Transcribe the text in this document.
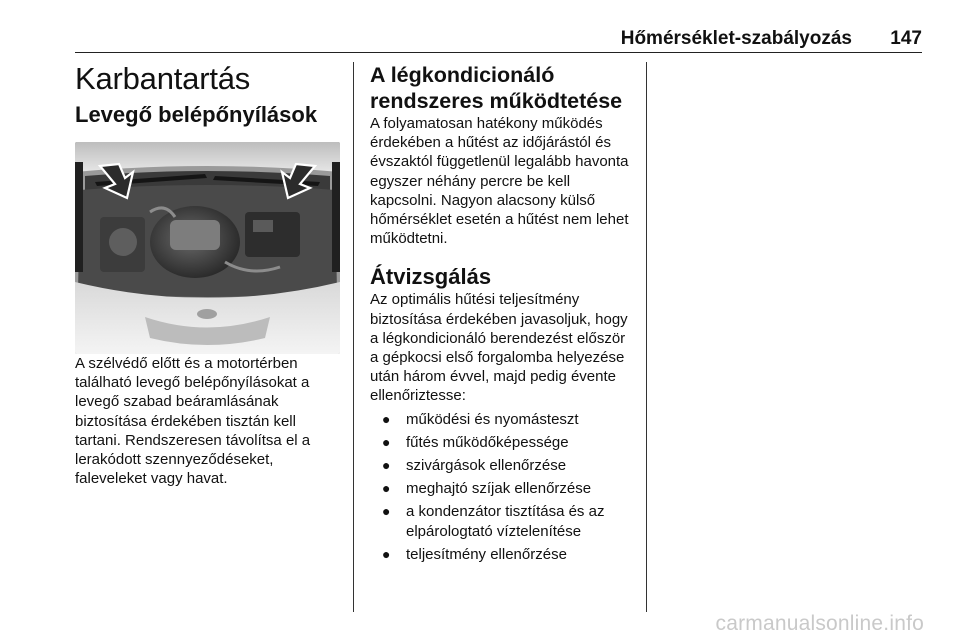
Hőmérséklet-szabályozás 147
Karbantartás
Levegő belépőnyílások

A szélvédő előtt és a motortérben található levegő belépőnyílásokat a levegő szabad beáramlásának biztosítása érdekében tisztán kell tartani. Rendszeresen távolítsa el a lerakódott szennyeződéseket, faleveleket vagy havat.

A légkondicionáló rendszeres működtetése

A folyamatosan hatékony működés érdekében a hűtést az időjárástól és évszaktól függetlenül legalább havonta egyszer néhány percre be kell kapcsolni. Nagyon alacsony külső hőmérséklet esetén a hűtést nem lehet működtetni.

Átvizsgálás

Az optimális hűtési teljesítmény biztosítása érdekében javasoljuk, hogy a légkondicionáló berendezést először a gépkocsi első forgalomba helyezése után három évvel, majd pedig évente ellenőriztesse:

● működési és nyomásteszt
● fűtés működőképessége
● szivárgások ellenőrzése
● meghajtó szíjak ellenőrzése
● a kondenzátor tisztítása és az elpárologtató víztelenítése
● teljesítmény ellenőrzése
carmanualsonline.info
